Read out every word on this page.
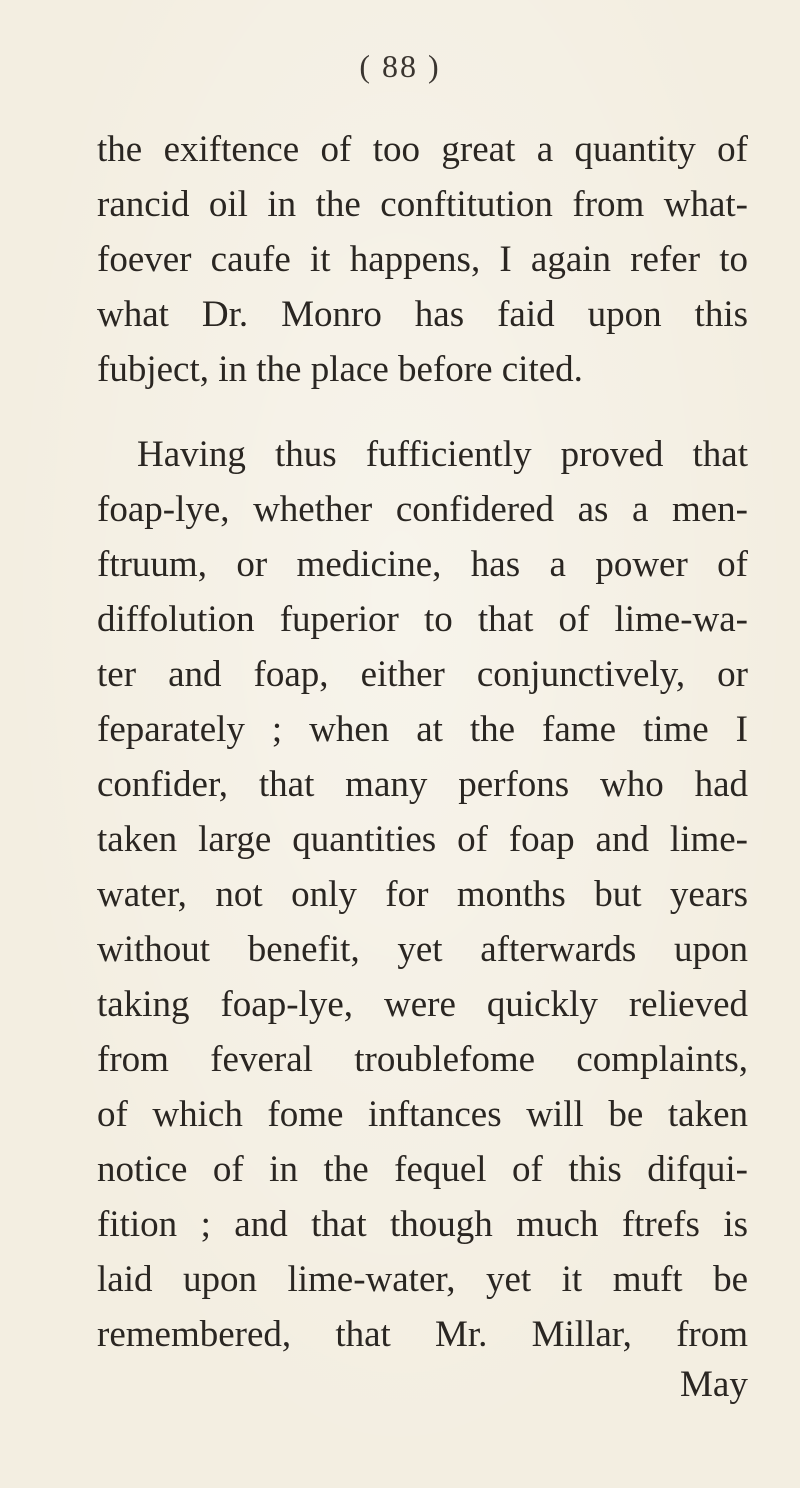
( 88 )
the exiftence of too great a quantity of
rancid oil in the conftitution from what-
foever caufe it happens, I again refer to
what Dr. Monro has faid upon this
fubject, in the place before cited.
Having thus fufficiently proved that
foap-lye, whether confidered as a men-
ftruum, or medicine, has a power of
diffolution fuperior to that of lime-wa-
ter and foap, either conjunctively, or
feparately ; when at the fame time I
confider, that many perfons who had
taken large quantities of foap and lime-
water, not only for months but years
without benefit, yet afterwards upon
taking foap-lye, were quickly relieved
from feveral troublefome complaints,
of which fome inftances will be taken
notice of in the fequel of this difqui-
fition ; and that though much ftrefs is
laid upon lime-water, yet it muft be
remembered, that Mr. Millar, from
May
